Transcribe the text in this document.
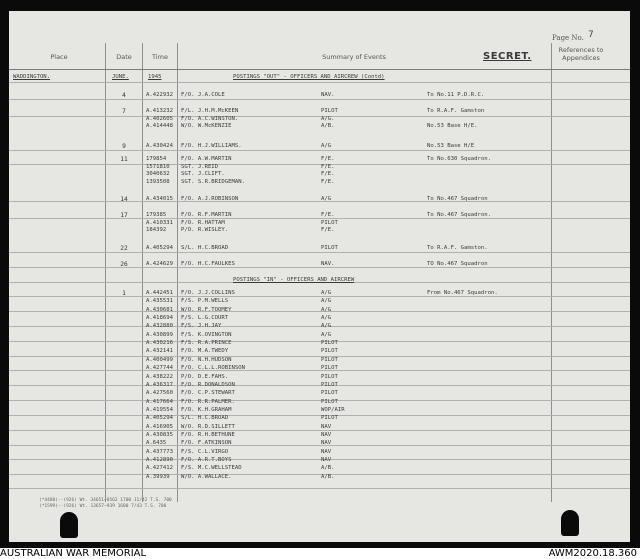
Page No. 7
Place	Date	Time	Summary of Events
References to Appendices
SECRET.
WADDINGTON.	JUNE.	1945	POSTINGS "OUT" - OFFICERS AND AIRCREW (Contd)
4	A.422932 F/O. J.A.COLE	NAV.	To No.11 P.D.R.C.
7	A.413232 F/L. J.H.M.McKEEN	PILOT	To R.A.F. Gamston
A.402605 F/O. A.C.WINSTON.	A/G.
A.414448 W/O. W.McKENZIE	A/B.	No.53 Base H/E.
9	A.430424 F/O. H.J.WILLIAMS.	A/G	No.53 Base H/E
11	179854	F/O. A.W.MARTIN	F/E.	To No.630 Squadron.
1571810 SGT. J.REID	F/E.
3040632 SGT. J.CLIFT.	F/E.
1393508 SGT. S.R.BRIDGEMAN.	F/E.
14	A.434015 F/O. A.J.ROBINSON	A/G	To No.467 Squadron
17	179385	F/O. R.F.MARTIN	F/E.	To No.467 Squadron.
A.410331 F/O. R.HATTAM	PILOT
184392	P/O. R.WISLEY.	F/E.
22	A.405294 S/L. H.C.BROAD	PILOT	To R.A.F. Gamston.
26	A.424629 F/O. H.C.FAULKES	NAV.	TO No.467 Squadron
1	A.442451 F/O. J.J.COLLINS	A/G	From No.467 Squadron.
A.435531 F/S. P.M.WELLS	A/G
A.430681 W/O. R.F.TOOMEY	A/G
A.418694 F/S. L.G.COURT	A/G
A.432880 F/S. J.H.JAY	A/G
A.430899 F/S. K.OVINGTON	A/G
A.430216 F/S. R.A.PRINCE	PILOT
A.432141 F/O. M.A.TWEDY	PILOT
A.400499 F/O. N.H.HUDSON	PILOT
A.427744 F/O. C.L.L.ROBINSON	PILOT
A.438222 P/O. D.E.FAHS.	PILOT
A.436317 F/O. R.DONALDSON	PILOT
A.427560 F/O. C.P.STEWART	PILOT
A.417664 F/O. R.R.PALMER.	PILOT
A.419554 F/O. K.H.GRAHAM	WOP/AIR
A.405294 S/L. H.C.BROAD	PILOT
A.416905 W/O. R.D.SILLETT	NAV
A.430835 F/O. R.H.BETHUNE	NAV
A.6435	F/O. F.ATKINSON	NAV
A.437773 F/S. C.L.VIRGO	NAV
A.412890 F/O. A.R.T.BOYS	NAV
A.427412 F/S. M.C.WELLSTEAD	A/B.
A.39939 W/O. A.WALLACE.	A/B.
POSTINGS "IN" - OFFICERS AND AIRCREW
(*4488)--(926) Wt. 34651—8562 1700 11/42 T.S. 700
(*1599)--(926) Wt. 13657—939 1600 7/43 T.S. 700
AUSTRALIAN WAR MEMORIAL	AWM2020.18.360
